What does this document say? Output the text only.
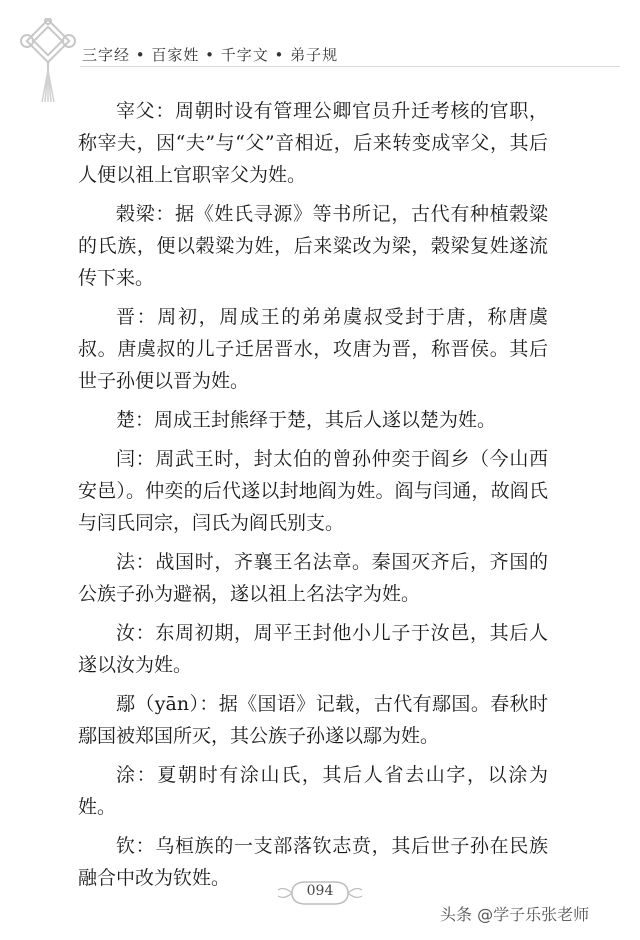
三字经 • 百家姓 • 千字文 • 弟子规

宰父：周朝时设有管理公卿官员升迁考核的官职，称宰夫，因“夫”与“父”音相近，后来转变成宰父，其后人便以祖上官职宰父为姓。

榖梁：据《姓氏寻源》等书所记，古代有种植榖粱的氏族，便以榖粱为姓，后来粱改为梁，榖梁复姓遂流传下来。

晋：周初，周成王的弟弟虞叔受封于唐，称唐虞叔。唐虞叔的儿子迁居晋水，攻唐为晋，称晋侯。其后世子孙便以晋为姓。

楚：周成王封熊绎于楚，其后人遂以楚为姓。

闫：周武王时，封太伯的曾孙仲奕于阎乡（今山西安邑）。仲奕的后代遂以封地阎为姓。阎与闫通，故阎氏与闫氏同宗，闫氏为阎氏别支。

法：战国时，齐襄王名法章。秦国灭齐后，齐国的公族子孙为避祸，遂以祖上名法字为姓。

汝：东周初期，周平王封他小儿子于汝邑，其后人遂以汝为姓。

鄢（yān）：据《国语》记载，古代有鄢国。春秋时鄢国被郑国所灭，其公族子孙遂以鄢为姓。

涂：夏朝时有涂山氏，其后人省去山字，以涂为姓。

钦：乌桓族的一支部落钦志贲，其后世子孙在民族融合中改为钦姓。

094
头条 @学子乐张老师
